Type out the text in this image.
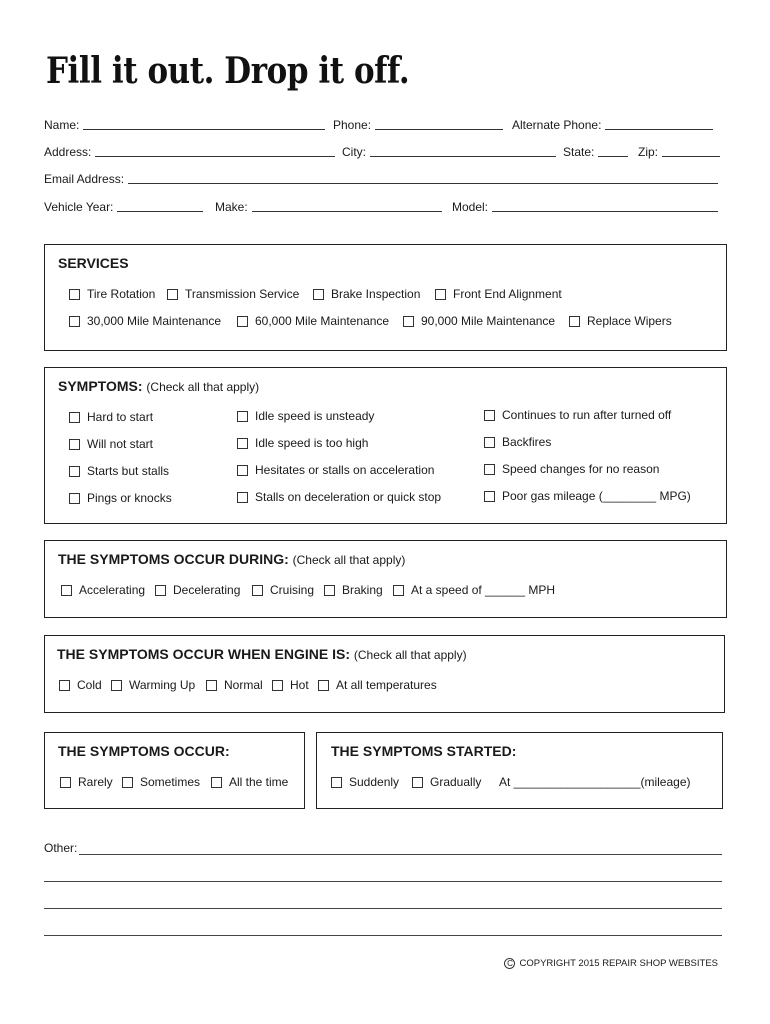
Fill it out. Drop it off.
Name:	Phone:	Alternate Phone:
Address:	City:	State:	Zip:
Email Address:
Vehicle Year:	Make:	Model:
SERVICES
Tire Rotation Transmission Service	Brake Inspection	Front End Alignment
30,000 Mile Maintenance	60,000 Mile Maintenance	90,000 Mile Maintenance	Replace Wipers
SYMPTOMS: (Check all that apply)
Hard to start
Will not start
Starts but stalls
Pings or knocks
Idle speed is unsteady
Idle speed is too high
Hesitates or stalls on acceleration
Stalls on deceleration or quick stop
Continues to run after turned off
Backfires
Speed changes for no reason
Poor gas mileage (________ MPG)
THE SYMPTOMS OCCUR DURING: (Check all that apply)
Accelerating Decelerating Cruising Braking At a speed of ______ MPH
THE SYMPTOMS OCCUR WHEN ENGINE IS: (Check all that apply)
Cold Warming Up Normal Hot At all temperatures
THE SYMPTOMS OCCUR:
Rarely Sometimes All the time
THE SYMPTOMS STARTED:
Suddenly	Gradually At ___________________(mileage)
Other:
C COPYRIGHT 2015 REPAIR SHOP WEBSITES
